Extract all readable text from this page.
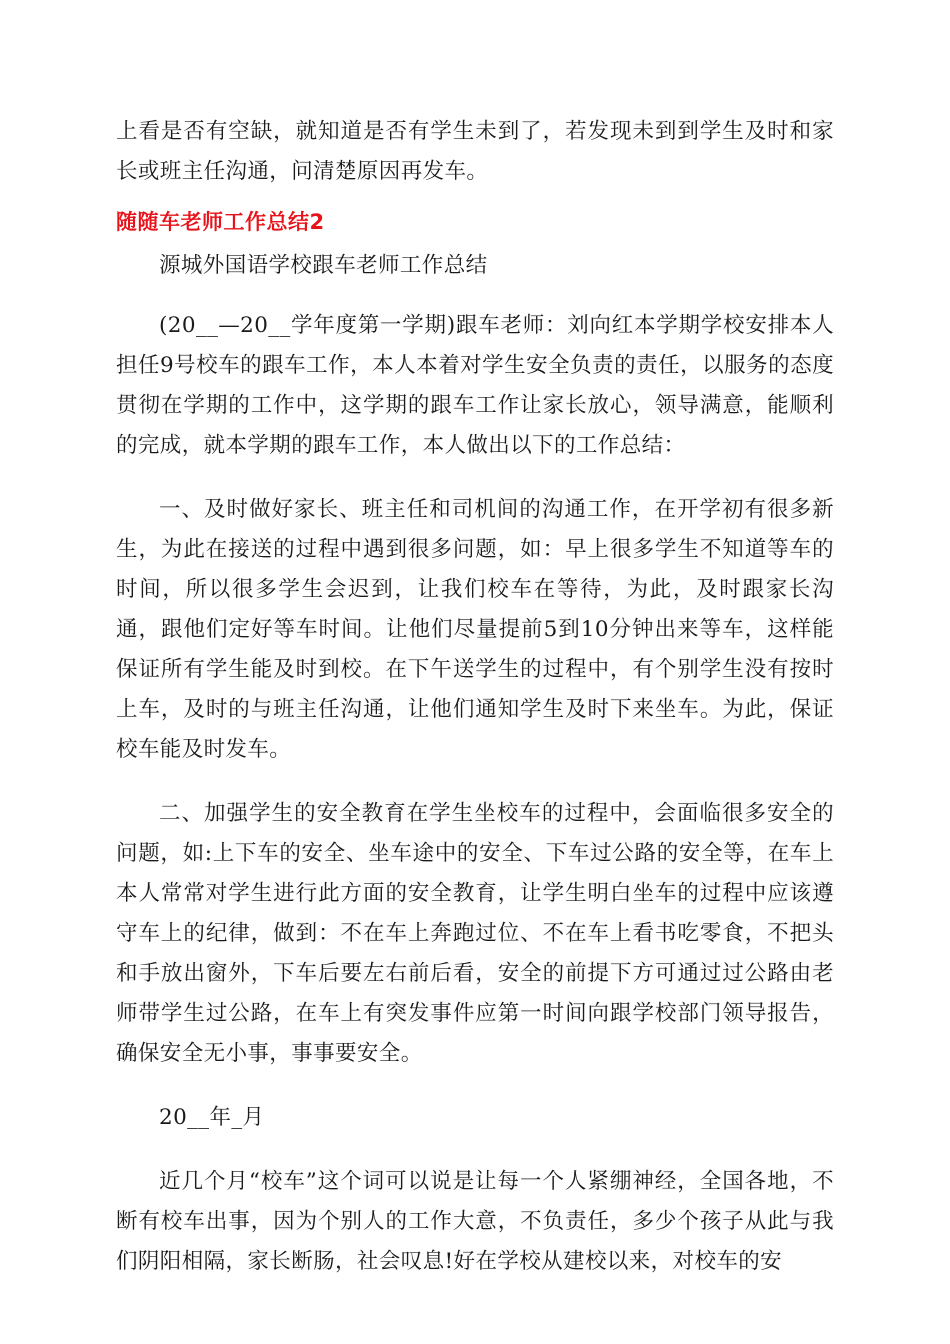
上看是否有空缺，就知道是否有学生未到了，若发现未到到学生及时和家长或班主任沟通，问清楚原因再发车。

随随车老师工作总结2

源城外国语学校跟车老师工作总结

(20__—20__学年度第一学期)跟车老师：刘向红本学期学校安排本人担任9号校车的跟车工作，本人本着对学生安全负责的责任，以服务的态度贯彻在学期的工作中，这学期的跟车工作让家长放心，领导满意，能顺利的完成，就本学期的跟车工作，本人做出以下的工作总结：

一、及时做好家长、班主任和司机间的沟通工作，在开学初有很多新生，为此在接送的过程中遇到很多问题，如：早上很多学生不知道等车的时间，所以很多学生会迟到，让我们校车在等待，为此，及时跟家长沟通，跟他们定好等车时间。让他们尽量提前5到10分钟出来等车，这样能保证所有学生能及时到校。在下午送学生的过程中，有个别学生没有按时上车，及时的与班主任沟通，让他们通知学生及时下来坐车。为此，保证校车能及时发车。

二、加强学生的安全教育在学生坐校车的过程中，会面临很多安全的问题，如:上下车的安全、坐车途中的安全、下车过公路的安全等，在车上本人常常对学生进行此方面的安全教育，让学生明白坐车的过程中应该遵守车上的纪律，做到：不在车上奔跑过位、不在车上看书吃零食，不把头和手放出窗外，下车后要左右前后看，安全的前提下方可通过过公路由老师带学生过公路，在车上有突发事件应第一时间向跟学校部门领导报告，确保安全无小事，事事要安全。

20__年_月

近几个月“校车”这个词可以说是让每一个人紧绷神经，全国各地，不断有校车出事，因为个别人的工作大意，不负责任，多少个孩子从此与我们阴阳相隔，家长断肠，社会叹息!好在学校从建校以来，对校车的安
